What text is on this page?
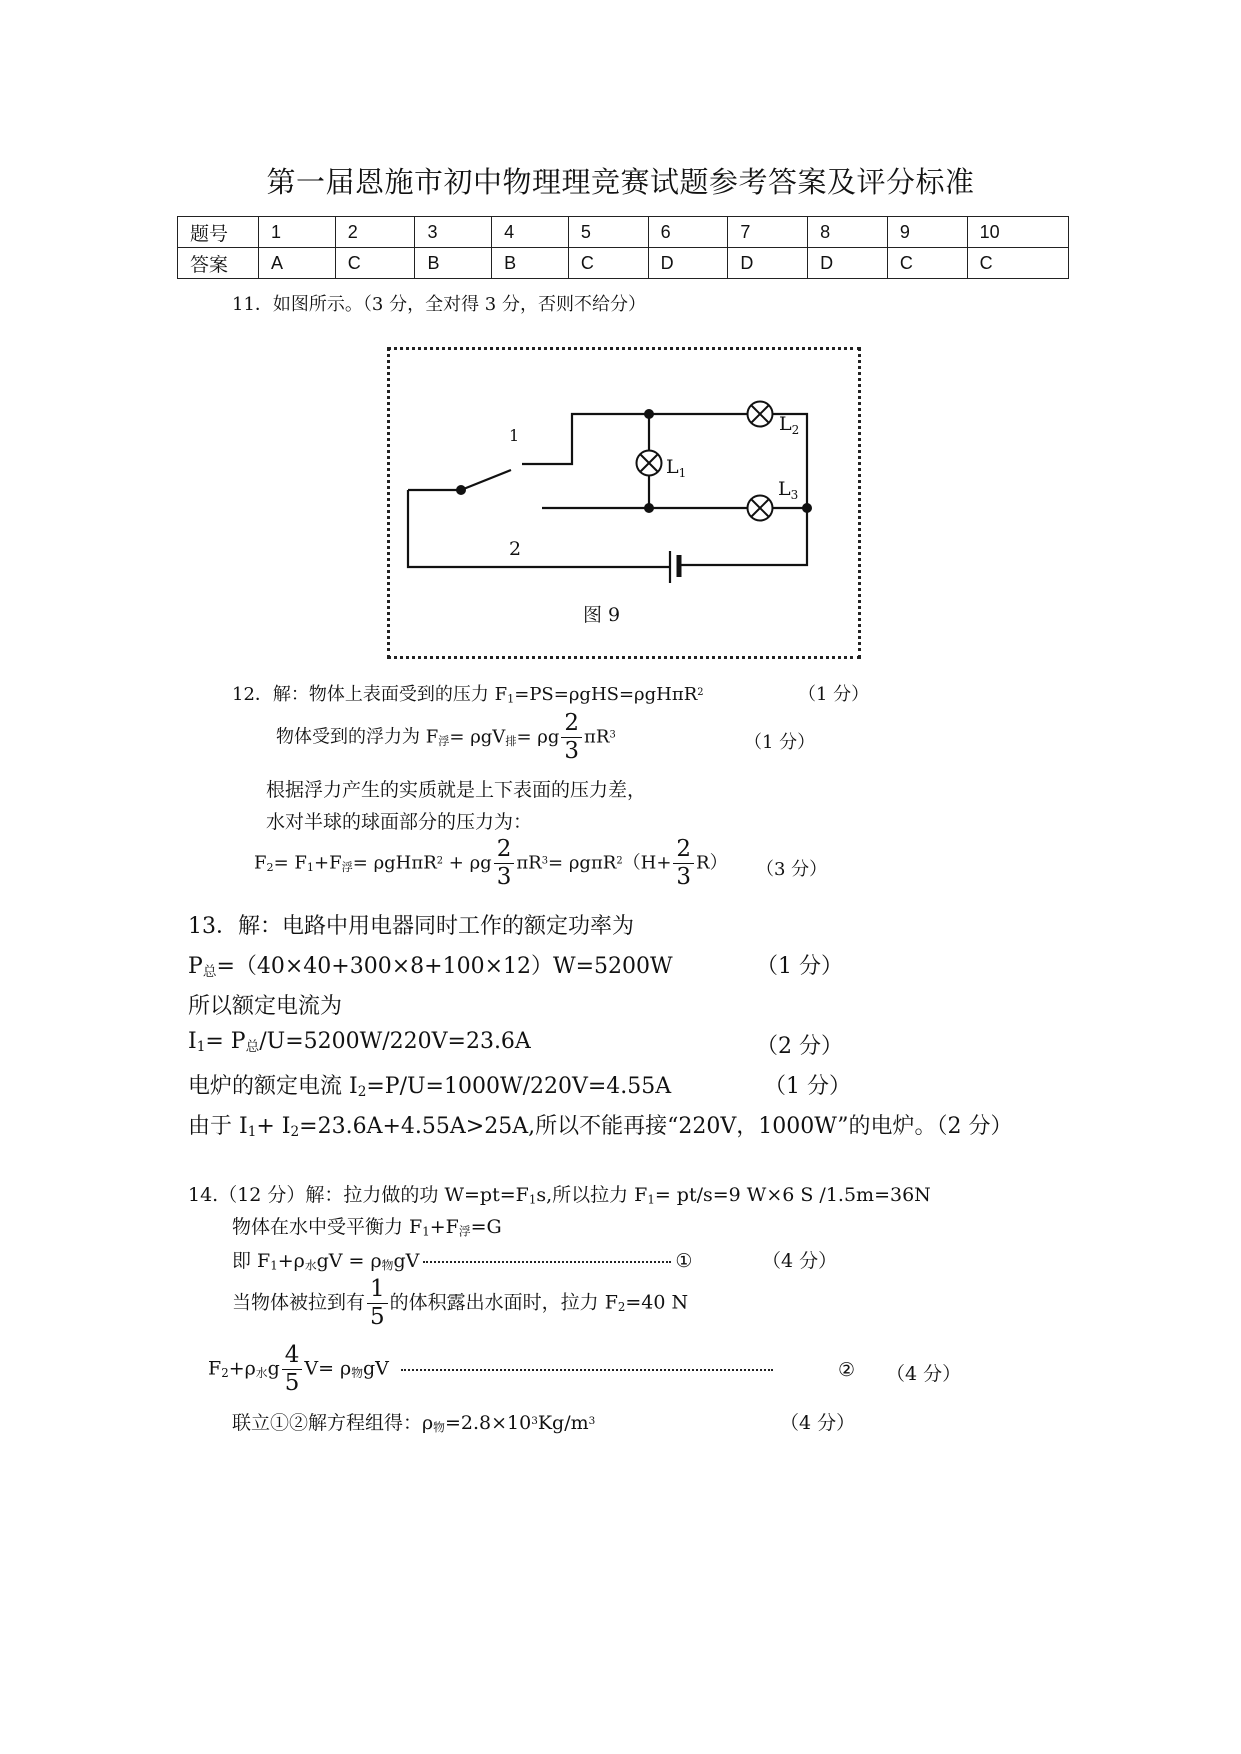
第一届恩施市初中物理理竞赛试题参考答案及评分标准
题号	1	2	3	4	5	6	7	8	9	10
答案	A	C	B	B	C	D	D	D	C	C
11．如图所示。（3 分，全对得 3 分，否则不给分）
1
2
$L_1$
$L_2$
$L_3$
图 9
12．解：物体上表面受到的压力 $F_1=PS=\rho gHS=\rho gH\pi R^2$	（1 分）
物体受到的浮力为 $F_浮= \rho gV_排= \rho g \frac{2}{3} \pi R^3$	（1 分）
根据浮力产生的实质就是上下表面的压力差，
水对半球的球面部分的压力为：
$F_2= F_1+F_浮= \rho gH\pi R^2 + \rho g \frac{2}{3} \pi R^3= \rho g\pi R^2(H+ \frac{2}{3} R)$ （3 分）
13．解：电路中用电器同时工作的额定功率为
$P_总=(40\times 40+300\times 8+100\times 12)W=5200W$	（1 分）
所以额定电流为
$I_1= P_总/U=5200W/220V=23.6A$	（2 分）
电炉的额定电流 $I_2=P/U=1000W/220V=4.55A$	（1 分）
由于 $I_1+ I_2=23.6A+4.55A>25A$,所以不能再接“220V，1000W”的电炉。（2 分）
14.（12 分）解：拉力做的功 $W=pt=F_1s$,所以拉力 $F_1= pt/s=9$ W×6 S /1.5m=36N
物体在水中受平衡力 $F_1+F_浮=G$
即 $F_1+\rho_水gV = \rho_物gV$	①	（4 分）
当物体被拉到有 $\frac{1}{5}$ 的体积露出水面时，拉力 $F_2=40$ N
$F_2+\rho_水g \frac{4}{5} V= \rho_物gV$	② （4 分）
联立①②解方程组得：$\rho_物=2.8\times 10^3Kg/m^3$	（4 分）
